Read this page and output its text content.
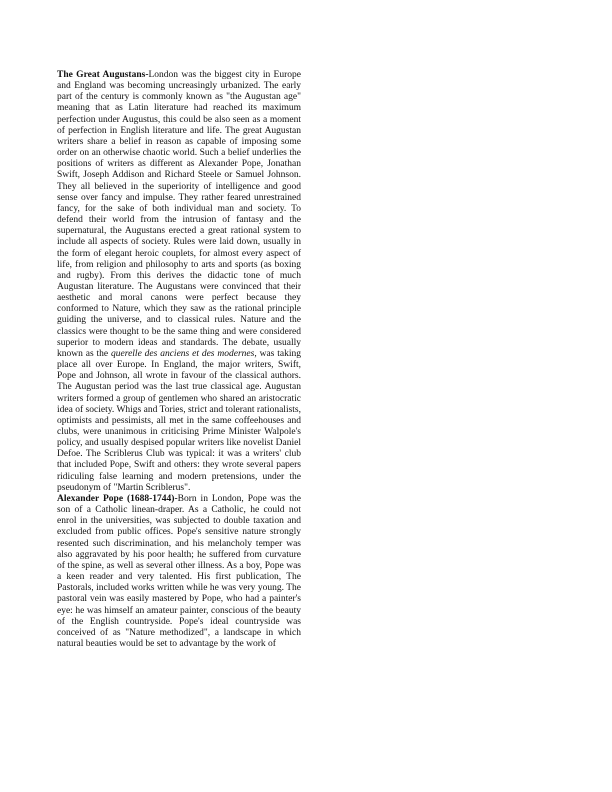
The Great Augustans-London was the biggest city in Europe and England was becoming uncreasingly urbanized. The early part of the century is commonly known as "the Augustan age" meaning that as Latin literature had reached its maximum perfection under Augustus, this could be also seen as a moment of perfection in English literature and life. The great Augustan writers share a belief in reason as capable of imposing some order on an otherwise chaotic world. Such a belief underlies the positions of writers as different as Alexander Pope, Jonathan Swift, Joseph Addison and Richard Steele or Samuel Johnson. They all believed in the superiority of intelligence and good sense over fancy and impulse. They rather feared unrestrained fancy, for the sake of both individual man and society. To defend their world from the intrusion of fantasy and the supernatural, the Augustans erected a great rational system to include all aspects of society. Rules were laid down, usually in the form of elegant heroic couplets, for almost every aspect of life, from religion and philosophy to arts and sports (as boxing and rugby). From this derives the didactic tone of much Augustan literature. The Augustans were convinced that their aesthetic and moral canons were perfect because they conformed to Nature, which they saw as the rational principle guiding the universe, and to classical rules. Nature and the classics were thought to be the same thing and were considered superior to modern ideas and standards. The debate, usually known as the querelle des anciens et des modernes, was taking place all over Europe. In England, the major writers, Swift, Pope and Johnson, all wrote in favour of the classical authors. The Augustan period was the last true classical age. Augustan writers formed a group of gentlemen who shared an aristocratic idea of society. Whigs and Tories, strict and tolerant rationalists, optimists and pessimists, all met in the same coffeehouses and clubs, were unanimous in criticising Prime Minister Walpole's policy, and usually despised popular writers like novelist Daniel Defoe. The Scriblerus Club was typical: it was a writers' club that included Pope, Swift and others: they wrote several papers ridiculing false learning and modern pretensions, under the pseudonym of "Martin Scriblerus".

Alexander Pope (1688-1744)-Born in London, Pope was the son of a Catholic linean-draper. As a Catholic, he could not enrol in the universities, was subjected to double taxation and excluded from public offices. Pope's sensitive nature strongly resented such discrimination, and his melancholy temper was also aggravated by his poor health; he suffered from curvature of the spine, as well as several other illness. As a boy, Pope was a keen reader and very talented. His first publication, The Pastorals, included works written while he was very young. The pastoral vein was easily mastered by Pope, who had a painter's eye: he was himself an amateur painter, conscious of the beauty of the English countryside. Pope's ideal countryside was conceived of as "Nature methodized", a landscape in which natural beauties would be set to advantage by the work of
